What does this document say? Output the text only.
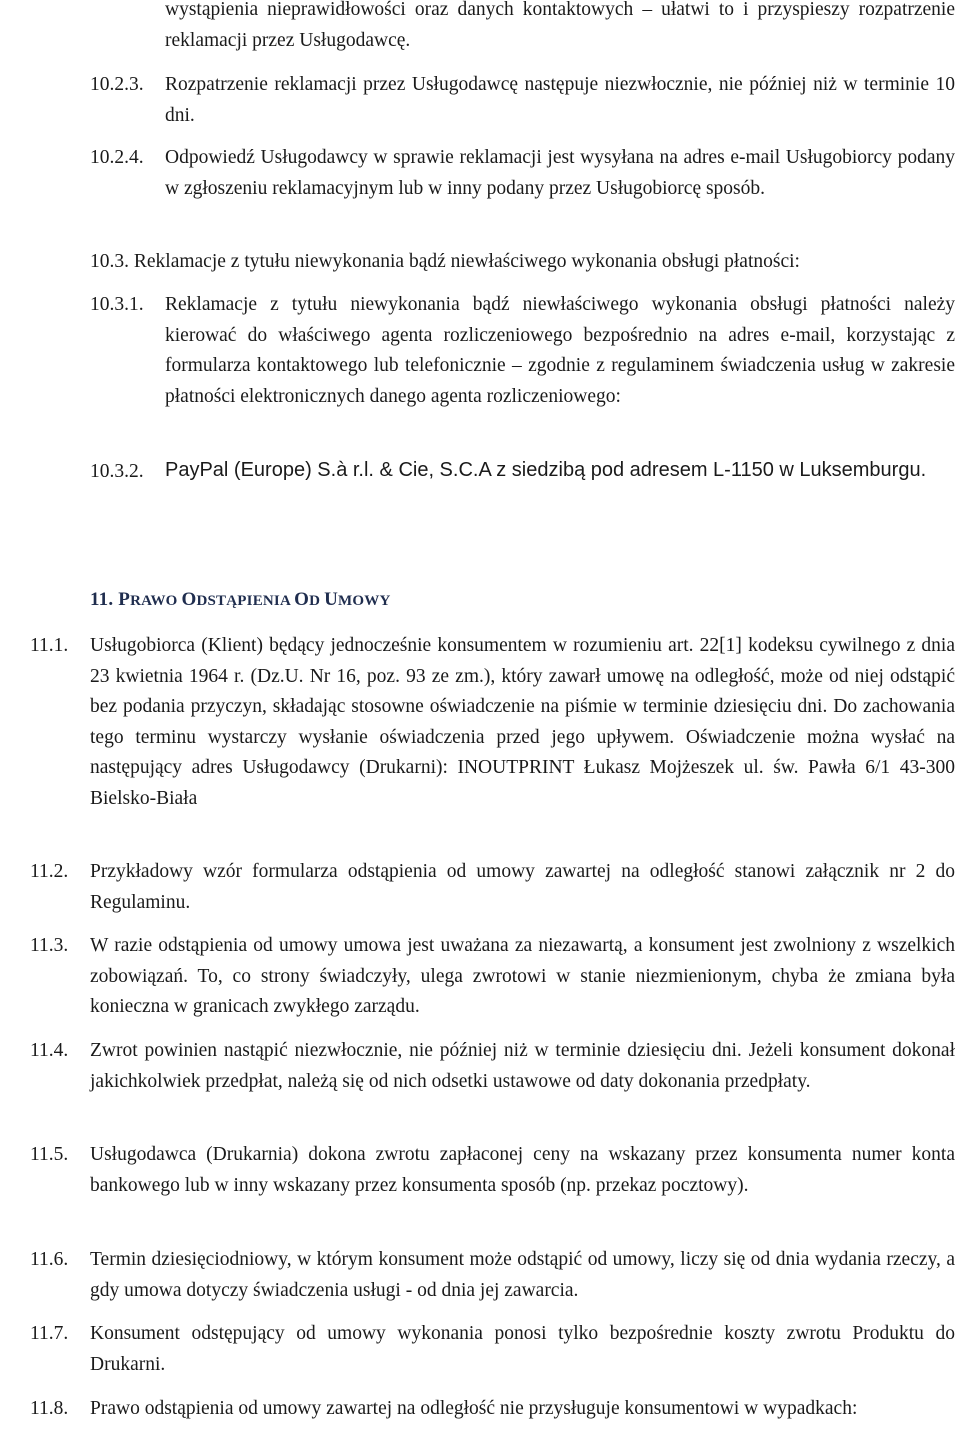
wystąpienia nieprawidłowości oraz danych kontaktowych – ułatwi to i przyspieszy rozpatrzenie reklamacji przez Usługodawcę.
10.2.3. Rozpatrzenie reklamacji przez Usługodawcę następuje niezwłocznie, nie później niż w terminie 10 dni.
10.2.4. Odpowiedź Usługodawcy w sprawie reklamacji jest wysyłana na adres e-mail Usługobiorcy podany w zgłoszeniu reklamacyjnym lub w inny podany przez Usługobiorcę sposób.
10.3. Reklamacje z tytułu niewykonania bądź niewłaściwego wykonania obsługi płatności:
10.3.1. Reklamacje z tytułu niewykonania bądź niewłaściwego wykonania obsługi płatności należy kierować do właściwego agenta rozliczeniowego bezpośrednio na adres e-mail, korzystając z formularza kontaktowego lub telefonicznie – zgodnie z regulaminem świadczenia usług w zakresie płatności elektronicznych danego agenta rozliczeniowego:
10.3.2. PayPal (Europe) S.à r.l. & Cie, S.C.A z siedzibą pod adresem L-1150 w Luksemburgu.
11. PRAWO ODSTĄPIENIA OD UMOWY
11.1. Usługobiorca (Klient) będący jednocześnie konsumentem w rozumieniu art. 22[1] kodeksu cywilnego z dnia 23 kwietnia 1964 r. (Dz.U. Nr 16, poz. 93 ze zm.), który zawarł umowę na odległość, może od niej odstąpić bez podania przyczyn, składając stosowne oświadczenie na piśmie w terminie dziesięciu dni. Do zachowania tego terminu wystarczy wysłanie oświadczenia przed jego upływem. Oświadczenie można wysłać na następujący adres Usługodawcy (Drukarni): INOUTPRINT Łukasz Mojżeszek ul. św. Pawła 6/1 43-300 Bielsko-Biała
11.2. Przykładowy wzór formularza odstąpienia od umowy zawartej na odległość stanowi załącznik nr 2 do Regulaminu.
11.3. W razie odstąpienia od umowy umowa jest uważana za niezawartą, a konsument jest zwolniony z wszelkich zobowiązań. To, co strony świadczyły, ulega zwrotowi w stanie niezmienionym, chyba że zmiana była konieczna w granicach zwykłego zarządu.
11.4. Zwrot powinien nastąpić niezwłocznie, nie później niż w terminie dziesięciu dni. Jeżeli konsument dokonał jakichkolwiek przedpłat, należą się od nich odsetki ustawowe od daty dokonania przedpłaty.
11.5. Usługodawca (Drukarnia) dokona zwrotu zapłaconej ceny na wskazany przez konsumenta numer konta bankowego lub w inny wskazany przez konsumenta sposób (np. przekaz pocztowy).
11.6. Termin dziesięciodniowy, w którym konsument może odstąpić od umowy, liczy się od dnia wydania rzeczy, a gdy umowa dotyczy świadczenia usługi - od dnia jej zawarcia.
11.7. Konsument odstępujący od umowy wykonania ponosi tylko bezpośrednie koszty zwrotu Produktu do Drukarni.
11.8. Prawo odstąpienia od umowy zawartej na odległość nie przysługuje konsumentowi w wypadkach:
